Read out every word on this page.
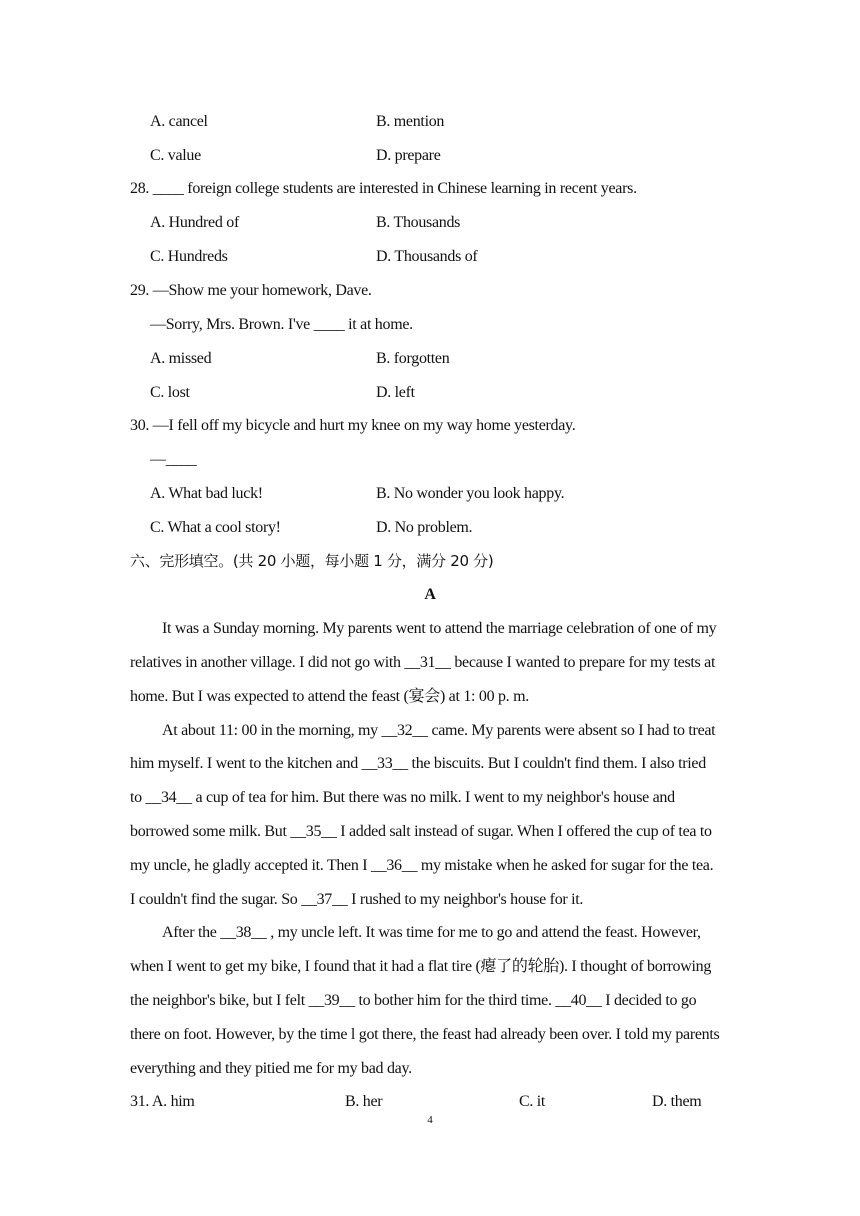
A. cancel	B. mention
C. value	D. prepare
28. ____ foreign college students are interested in Chinese learning in recent years.
A. Hundred of	B. Thousands
C. Hundreds	D. Thousands of
29. —Show me your homework, Dave.
—Sorry, Mrs. Brown. I've ____ it at home.
A. missed	B. forgotten
C. lost	D. left
30. —I fell off my bicycle and hurt my knee on my way home yesterday.
—____
A. What bad luck!	B. No wonder you look happy.
C. What a cool story!	D. No problem.
六、完形填空。(共 20 小题，每小题 1 分，满分 20 分)
A
It was a Sunday morning. My parents went to attend the marriage celebration of one of my
relatives in another village. I did not go with __31__ because I wanted to prepare for my tests at
home. But I was expected to attend the feast (宴会) at 1: 00 p. m.
At about 11: 00 in the morning, my __32__ came. My parents were absent so I had to treat
him myself. I went to the kitchen and __33__ the biscuits. But I couldn't find them. I also tried
to __34__ a cup of tea for him. But there was no milk. I went to my neighbor's house and
borrowed some milk. But __35__ I added salt instead of sugar. When I offered the cup of tea to
my uncle, he gladly accepted it. Then I __36__ my mistake when he asked for sugar for the tea.
I couldn't find the sugar. So __37__ I rushed to my neighbor's house for it.
After the __38__ , my uncle left. It was time for me to go and attend the feast. However,
when I went to get my bike, I found that it had a flat tire (瘪了的轮胎). I thought of borrowing
the neighbor's bike, but I felt __39__ to bother him for the third time. __40__ I decided to go
there on foot. However, by the time l got there, the feast had already been over. I told my parents
everything and they pitied me for my bad day.
31. A. him	B. her	C. it	D. them
4
